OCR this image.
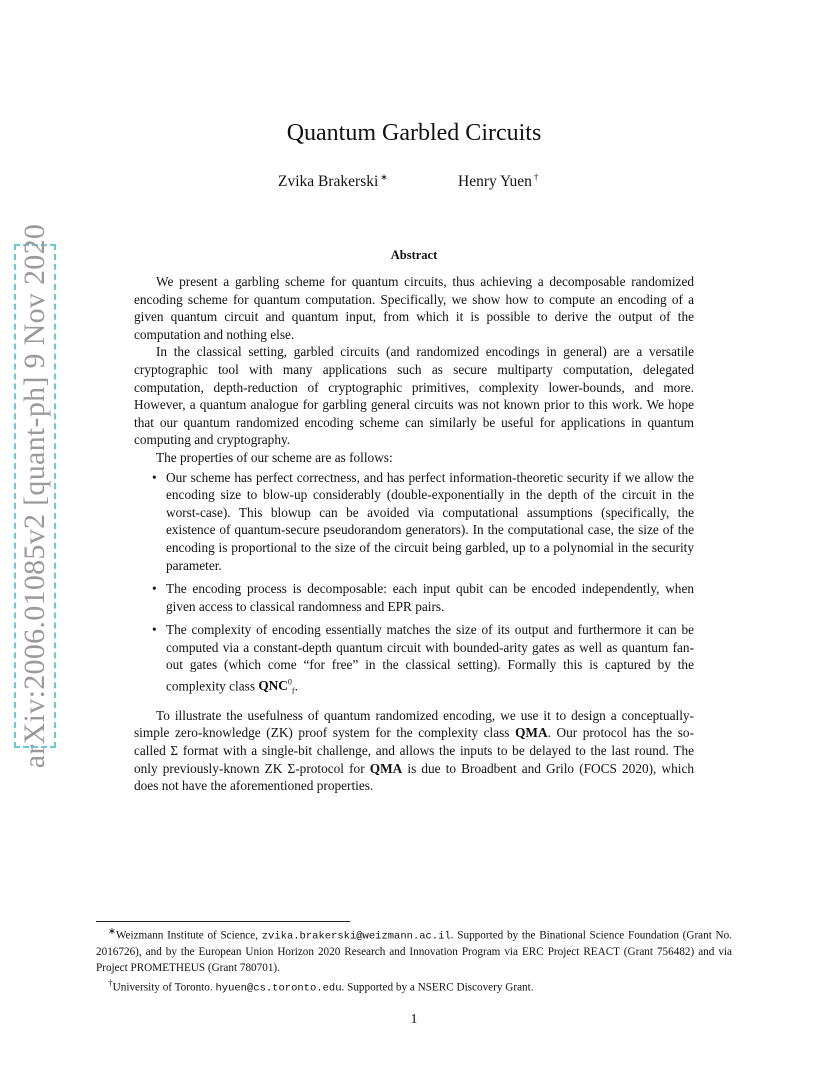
arXiv:2006.01085v2 [quant-ph] 9 Nov 2020
Quantum Garbled Circuits
Zvika Brakerski ∗	Henry Yuen †
Abstract

We present a garbling scheme for quantum circuits, thus achieving a decomposable randomized encoding scheme for quantum computation. Specifically, we show how to compute an encoding of a given quantum circuit and quantum input, from which it is possible to derive the output of the computation and nothing else.

In the classical setting, garbled circuits (and randomized encodings in general) are a versatile cryptographic tool with many applications such as secure multiparty computation, delegated computation, depth-reduction of cryptographic primitives, complexity lower-bounds, and more. However, a quantum analogue for garbling general circuits was not known prior to this work. We hope that our quantum randomized encoding scheme can similarly be useful for applications in quantum computing and cryptography.

The properties of our scheme are as follows:

• Our scheme has perfect correctness, and has perfect information-theoretic security if we allow the encoding size to blow-up considerably (double-exponentially in the depth of the circuit in the worst-case). This blowup can be avoided via computational assumptions (specifically, the existence of quantum-secure pseudorandom generators). In the computational case, the size of the encoding is proportional to the size of the circuit being garbled, up to a polynomial in the security parameter.
• The encoding process is decomposable: each input qubit can be encoded independently, when given access to classical randomness and EPR pairs.
• The complexity of encoding essentially matches the size of its output and furthermore it can be computed via a constant-depth quantum circuit with bounded-arity gates as well as quantum fan-out gates (which come “for free” in the classical setting). Formally this is captured by the complexity class $QNC^0_f$.

To illustrate the usefulness of quantum randomized encoding, we use it to design a conceptually-simple zero-knowledge (ZK) proof system for the complexity class QMA. Our protocol has the so-called Σ format with a single-bit challenge, and allows the inputs to be delayed to the last round. The only previously-known ZK Σ-protocol for QMA is due to Broadbent and Grilo (FOCS 2020), which does not have the aforementioned properties.

∗Weizmann Institute of Science, zvika.brakerski@weizmann.ac.il. Supported by the Binational Science Foundation (Grant No. 2016726), and by the European Union Horizon 2020 Research and Innovation Program via ERC Project REACT (Grant 756482) and via Project PROMETHEUS (Grant 780701).

†University of Toronto. hyuen@cs.toronto.edu. Supported by a NSERC Discovery Grant.

1
